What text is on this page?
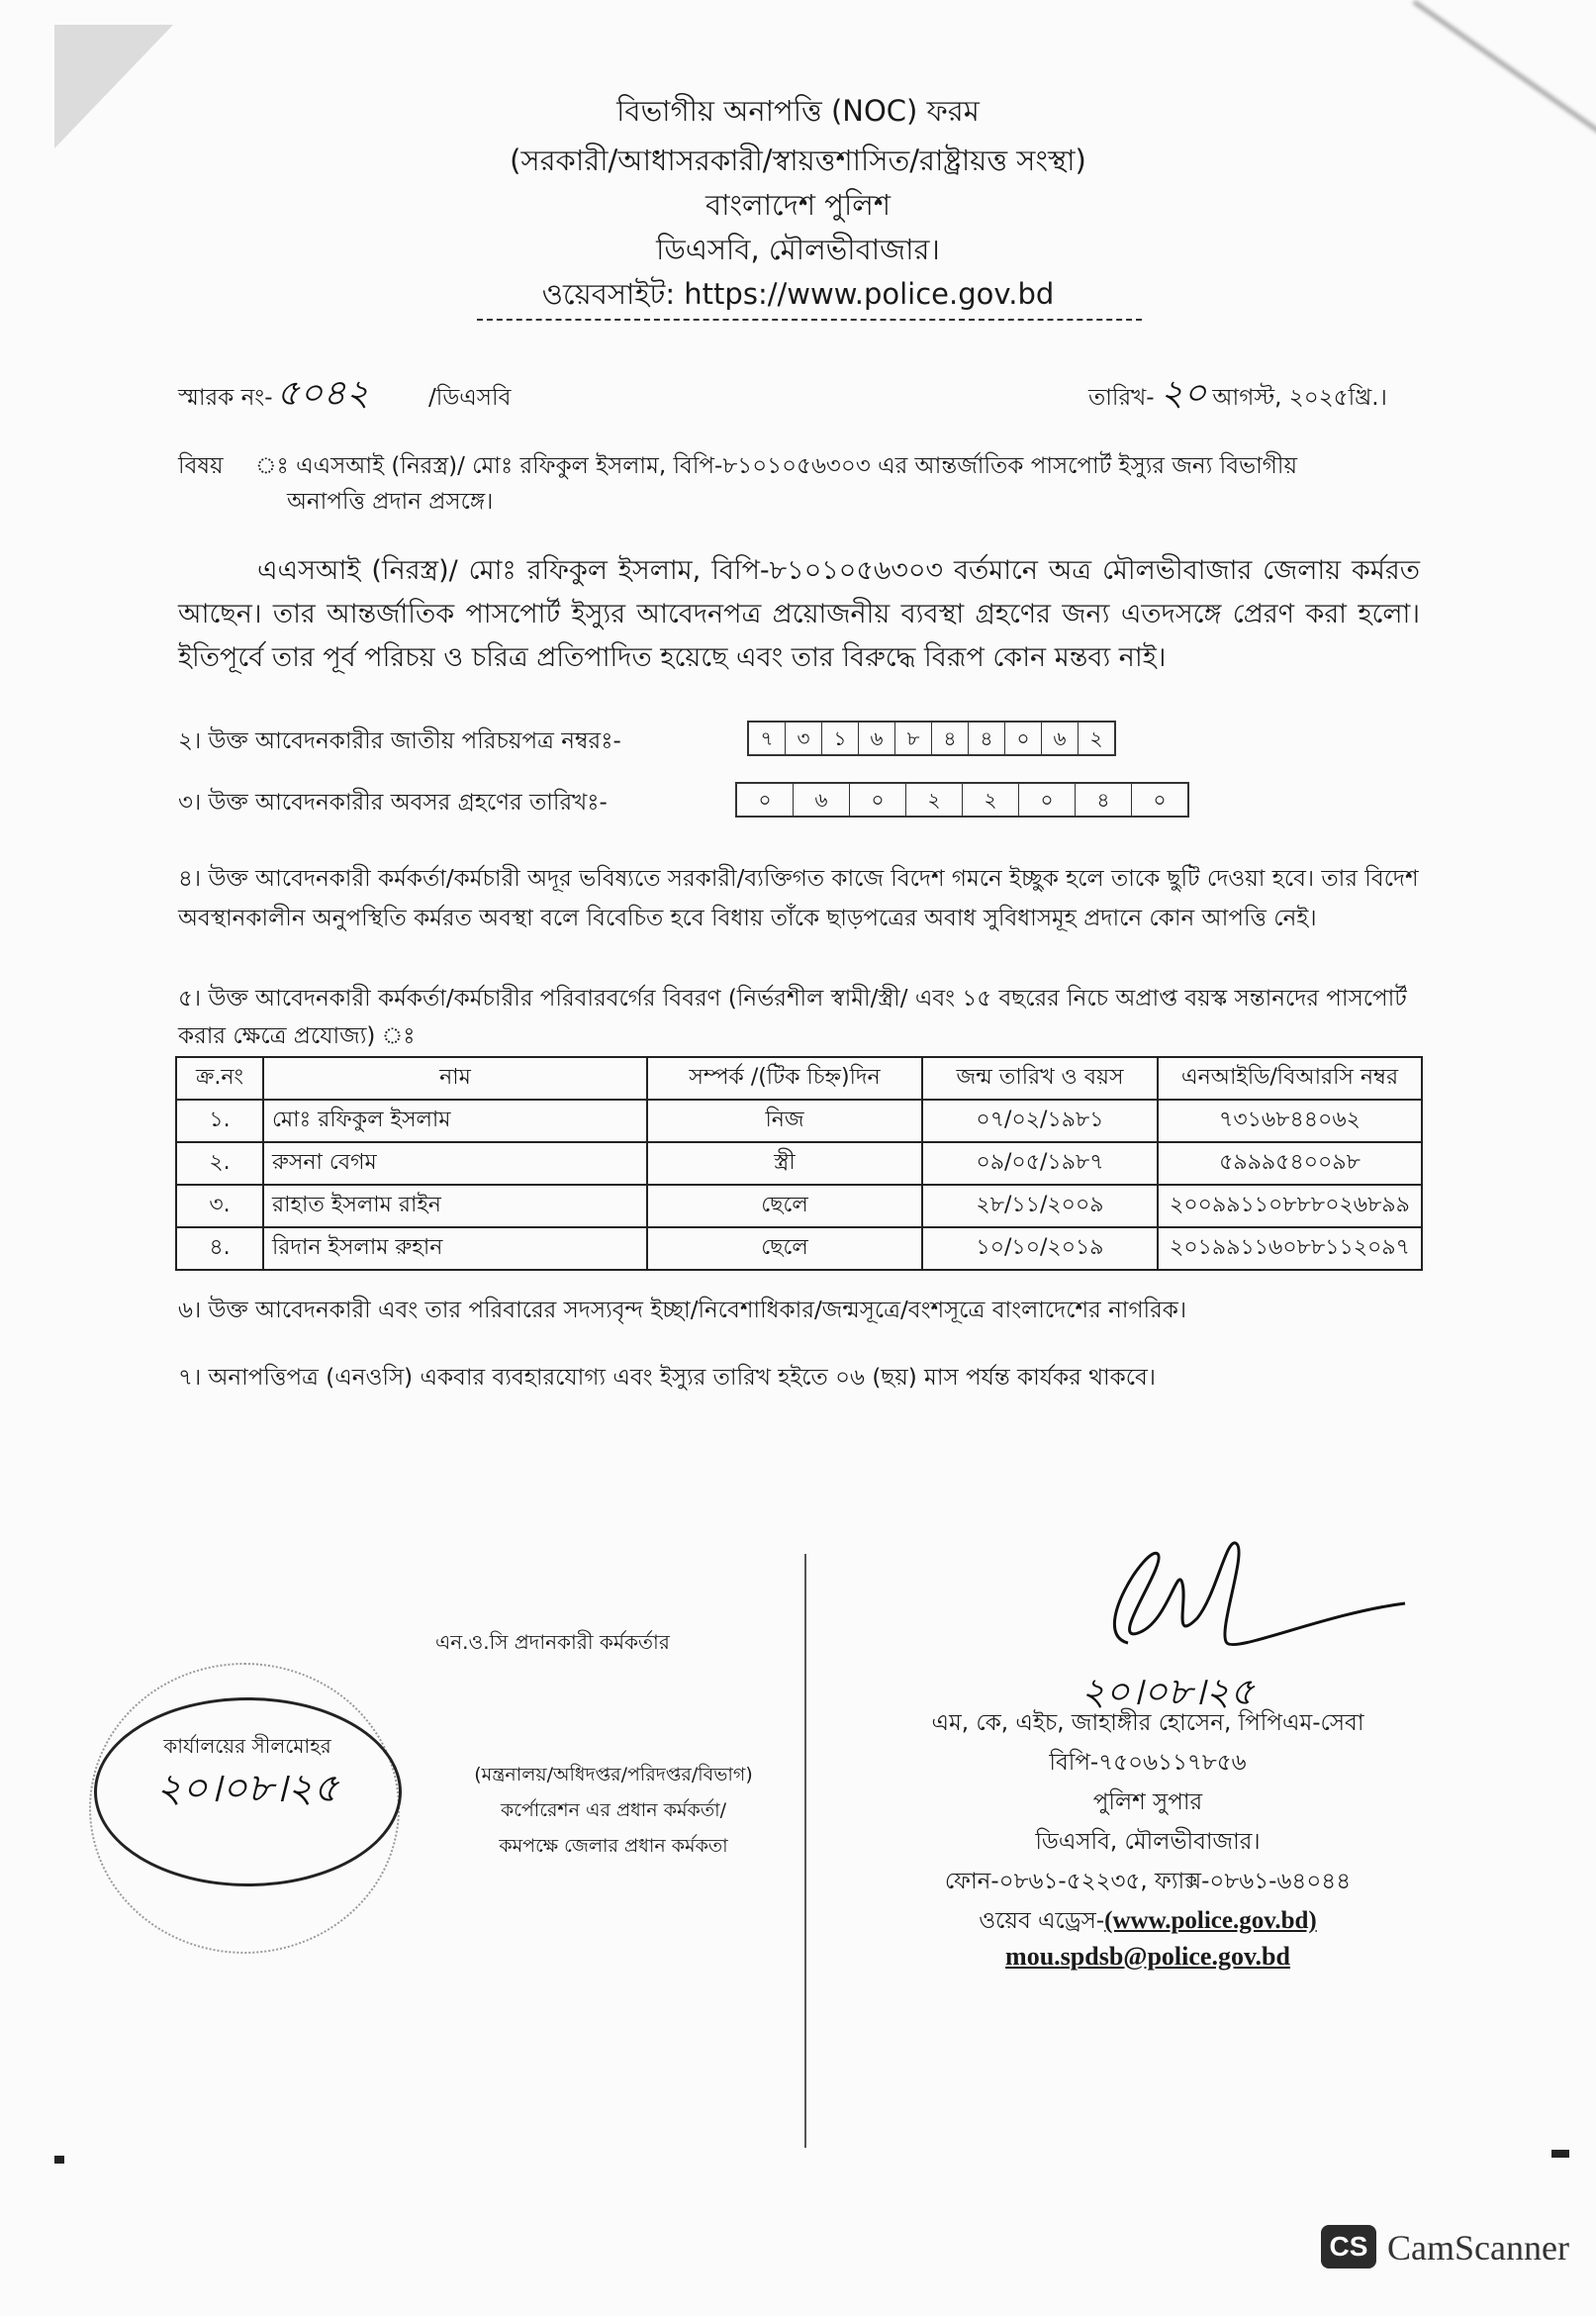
বিভাগীয় অনাপত্তি (NOC) ফরম
(সরকারী/আধাসরকারী/স্বায়ত্তশাসিত/রাষ্ট্রায়ত্ত সংস্থা)
বাংলাদেশ পুলিশ
ডিএসবি, মৌলভীবাজার।
ওয়েবসাইট: https://www.police.gov.bd
স্মারক নং- ৫০৪২	/ডিএসবি	তারিখ- ২০ আগস্ট, ২০২৫খ্রি.।
বিষয় ঃ এএসআই (নিরস্ত্র)/ মোঃ রফিকুল ইসলাম, বিপি-৮১০১০৫৬৩০৩ এর আন্তর্জাতিক পাসপোর্ট ইস্যুর জন্য বিভাগীয়
অনাপত্তি প্রদান প্রসঙ্গে।
এএসআই (নিরস্ত্র)/ মোঃ রফিকুল ইসলাম, বিপি-৮১০১০৫৬৩০৩ বর্তমানে অত্র মৌলভীবাজার জেলায় কর্মরত আছেন। তার আন্তর্জাতিক পাসপোর্ট ইস্যুর আবেদনপত্র প্রয়োজনীয় ব্যবস্থা গ্রহণের জন্য এতদসঙ্গে প্রেরণ করা হলো। ইতিপূর্বে তার পূর্ব পরিচয় ও চরিত্র প্রতিপাদিত হয়েছে এবং তার বিরুদ্ধে বিরূপ কোন মন্তব্য নাই।
২। উক্ত আবেদনকারীর জাতীয় পরিচয়পত্র নম্বরঃ-	৭	৩	১	৬	৮	৪	৪	০	৬	২
৩। উক্ত আবেদনকারীর অবসর গ্রহণের তারিখঃ-	০	৬	০	২	২	০	৪	০
৪। উক্ত আবেদনকারী কর্মকর্তা/কর্মচারী অদূর ভবিষ্যতে সরকারী/ব্যক্তিগত কাজে বিদেশ গমনে ইচ্ছুক হলে তাকে ছুটি দেওয়া হবে। তার বিদেশ অবস্থানকালীন অনুপস্থিতি কর্মরত অবস্থা বলে বিবেচিত হবে বিধায় তাঁকে ছাড়পত্রের অবাধ সুবিধাসমূহ প্রদানে কোন আপত্তি নেই।
৫। উক্ত আবেদনকারী কর্মকর্তা/কর্মচারীর পরিবারবর্গের বিবরণ (নির্ভরশীল স্বামী/স্ত্রী/ এবং ১৫ বছরের নিচে অপ্রাপ্ত বয়স্ক সন্তানদের পাসপোর্ট করার ক্ষেত্রে প্রযোজ্য) ঃ
ক্র.নং	নাম	সম্পর্ক /(টিক চিহ্ন)দিন	জন্ম তারিখ ও বয়স	এনআইডি/বিআরসি নম্বর
১.	মোঃ রফিকুল ইসলাম	নিজ	০৭/০২/১৯৮১	৭৩১৬৮৪৪০৬২
২.	রুসনা বেগম	স্ত্রী	০৯/০৫/১৯৮৭	৫৯৯৯৫৪০০৯৮
৩.	রাহাত ইসলাম রাইন	ছেলে	২৮/১১/২০০৯	২০০৯৯১১০৮৮৮০২৬৮৯৯
৪.	রিদান ইসলাম রুহান	ছেলে	১০/১০/২০১৯	২০১৯৯১১৬০৮৮১১২০৯৭
৬। উক্ত আবেদনকারী এবং তার পরিবারের সদস্যবৃন্দ ইচ্ছা/নিবেশাধিকার/জন্মসূত্রে/বংশসূত্রে বাংলাদেশের নাগরিক।
৭। অনাপত্তিপত্র (এনওসি) একবার ব্যবহারযোগ্য এবং ইস্যুর তারিখ হইতে ০৬ (ছয়) মাস পর্যন্ত কার্যকর থাকবে।
এন.ও.সি প্রদানকারী কর্মকর্তার
কার্যালয়ের সীলমোহর
২০।০৮।২৫	(মন্ত্রনালয়/অধিদপ্তর/পরিদপ্তর/বিভাগ)
কর্পোরেশন এর প্রধান কর্মকর্তা/
কমপক্ষে জেলার প্রধান কর্মকতা
২০।০৮।২৫
এম, কে, এইচ, জাহাঙ্গীর হোসেন, পিপিএম-সেবা
বিপি-৭৫০৬১১৭৮৫৬
পুলিশ সুপার
ডিএসবি, মৌলভীবাজার।
ফোন-০৮৬১-৫২২৩৫, ফ্যাক্স-০৮৬১-৬৪০৪৪
ওয়েব এড্রেস-(www.police.gov.bd)
mou.spdsb@police.gov.bd
CS CamScanner
